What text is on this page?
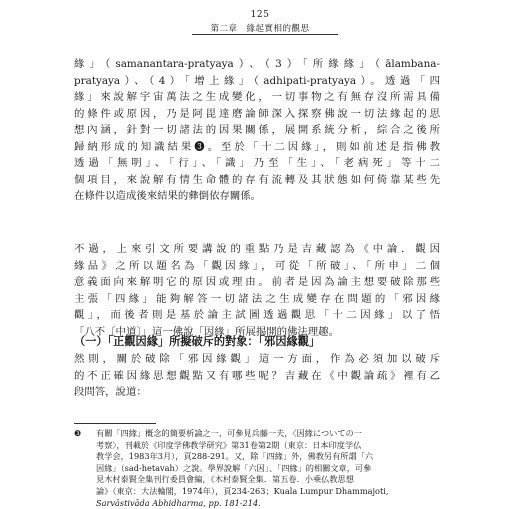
125
第二章　緣起實相的觀思
緣」（samanantara-pratyaya）、（3）「所緣緣」（ālambana-
pratyaya）、（4）「增上緣」（adhipati-pratyaya）。透過「四
緣」來說解宇宙萬法之生成變化，一切事物之有無存沒所需具備
的條件或原因，乃是阿毘達磨論師深入探察佛說一切法緣起的思
想內涵，針對一切諸法的因果關係，展開系統分析，綜合之後所
歸納形成的知識結果❸。至於「十二因緣」，則如前述是指佛教
透過「無明」、「行」、「識」乃至「生」、「老病死」等十二
個項目，來說解有情生命體的存有流轉及其狀態如何倚靠某些先
在條件以造成後來結果的彝倒依存關係。
不過，上來引文所要講說的重點乃是吉藏認為《中論．觀因
緣品》之所以題名為「觀因緣」，可從「所破」、「所申」二個
意義面向來解明它的原因或理由。前者是因為論主想要破除那些
主張「四緣」能夠解答一切諸法之生成變存在問題的「邪因緣
觀」，而後者則是基於論主試圖透過觀思「十二因緣」以了悟
「八不〔中道〕」這一佛說「因緣」所展揭開的佛法理趣。
（一）「正觀因緣」所擬破斥的對象：「邪因緣觀」
然則，關於破除「邪因緣觀」這一方面，作為必須加以破斥
的不正確因緣思想觀點又有哪些呢？吉藏在《中觀論疏》裡有乙
段問答，說道：
❸ 有關「四緣」概念的簡要析論之一，可參見兵藤一夫，〈因緣についての一
考察〉，刊載於《印度学佛教学研究》第31卷第2期（東京：日本印度学仏
教学会，1983年3月），頁288-291。又，除「四緣」外，佛教另有所謂「六
因緣」（sad-hetavah）之說。學界說解「六因」、「四緣」的相關文章，可參
見木村泰賢全集刊行委員會編，《木村泰賢全集．第五卷．小乘仏教思想
論》（東京：大法輪閣，1974年），頁234-263；Kuala Lumpur Dhammajoti,
Sarvāstivāda Abhidharma, pp. 181-214.
